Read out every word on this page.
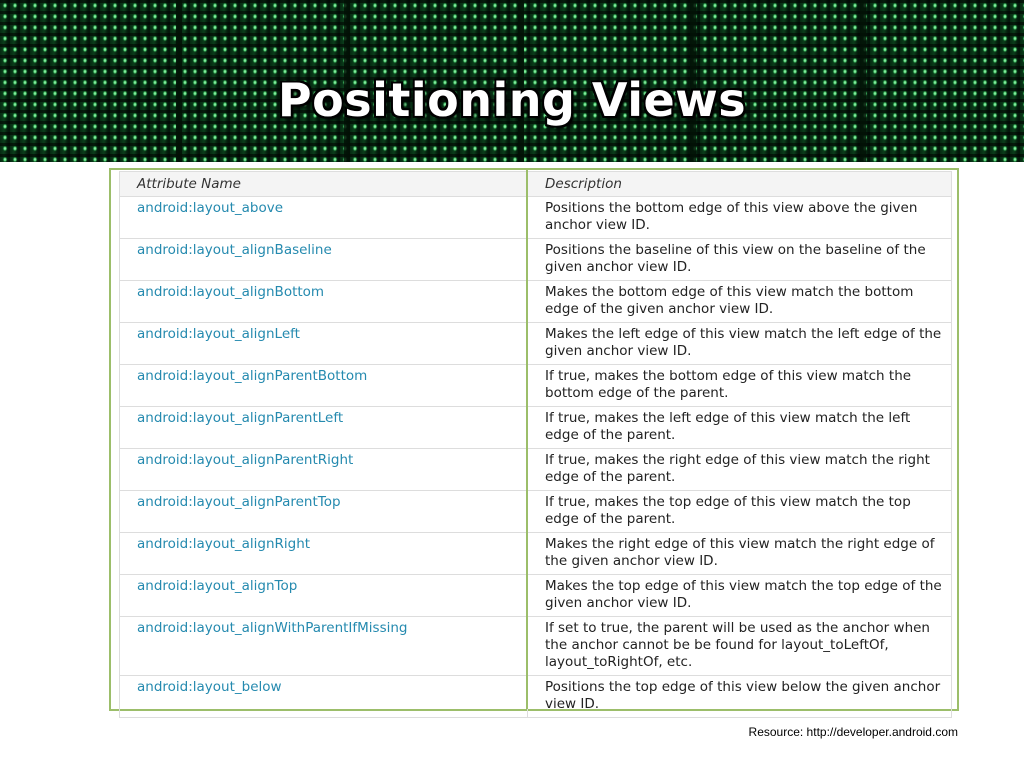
Positioning Views
Attribute Name	Description
android:layout_above	Positions the bottom edge of this view above the given anchor view ID.
android:layout_alignBaseline	Positions the baseline of this view on the baseline of the given anchor view ID.
android:layout_alignBottom	Makes the bottom edge of this view match the bottom edge of the given anchor view ID.
android:layout_alignLeft	Makes the left edge of this view match the left edge of the given anchor view ID.
android:layout_alignParentBottom	If true, makes the bottom edge of this view match the bottom edge of the parent.
android:layout_alignParentLeft	If true, makes the left edge of this view match the left edge of the parent.
android:layout_alignParentRight	If true, makes the right edge of this view match the right edge of the parent.
android:layout_alignParentTop	If true, makes the top edge of this view match the top edge of the parent.
android:layout_alignRight	Makes the right edge of this view match the right edge of the given anchor view ID.
android:layout_alignTop	Makes the top edge of this view match the top edge of the given anchor view ID.
android:layout_alignWithParentIfMissing	If set to true, the parent will be used as the anchor when the anchor cannot be be found for layout_toLeftOf, layout_toRightOf, etc.
android:layout_below	Positions the top edge of this view below the given anchor view ID.
Resource: http://developer.android.com
